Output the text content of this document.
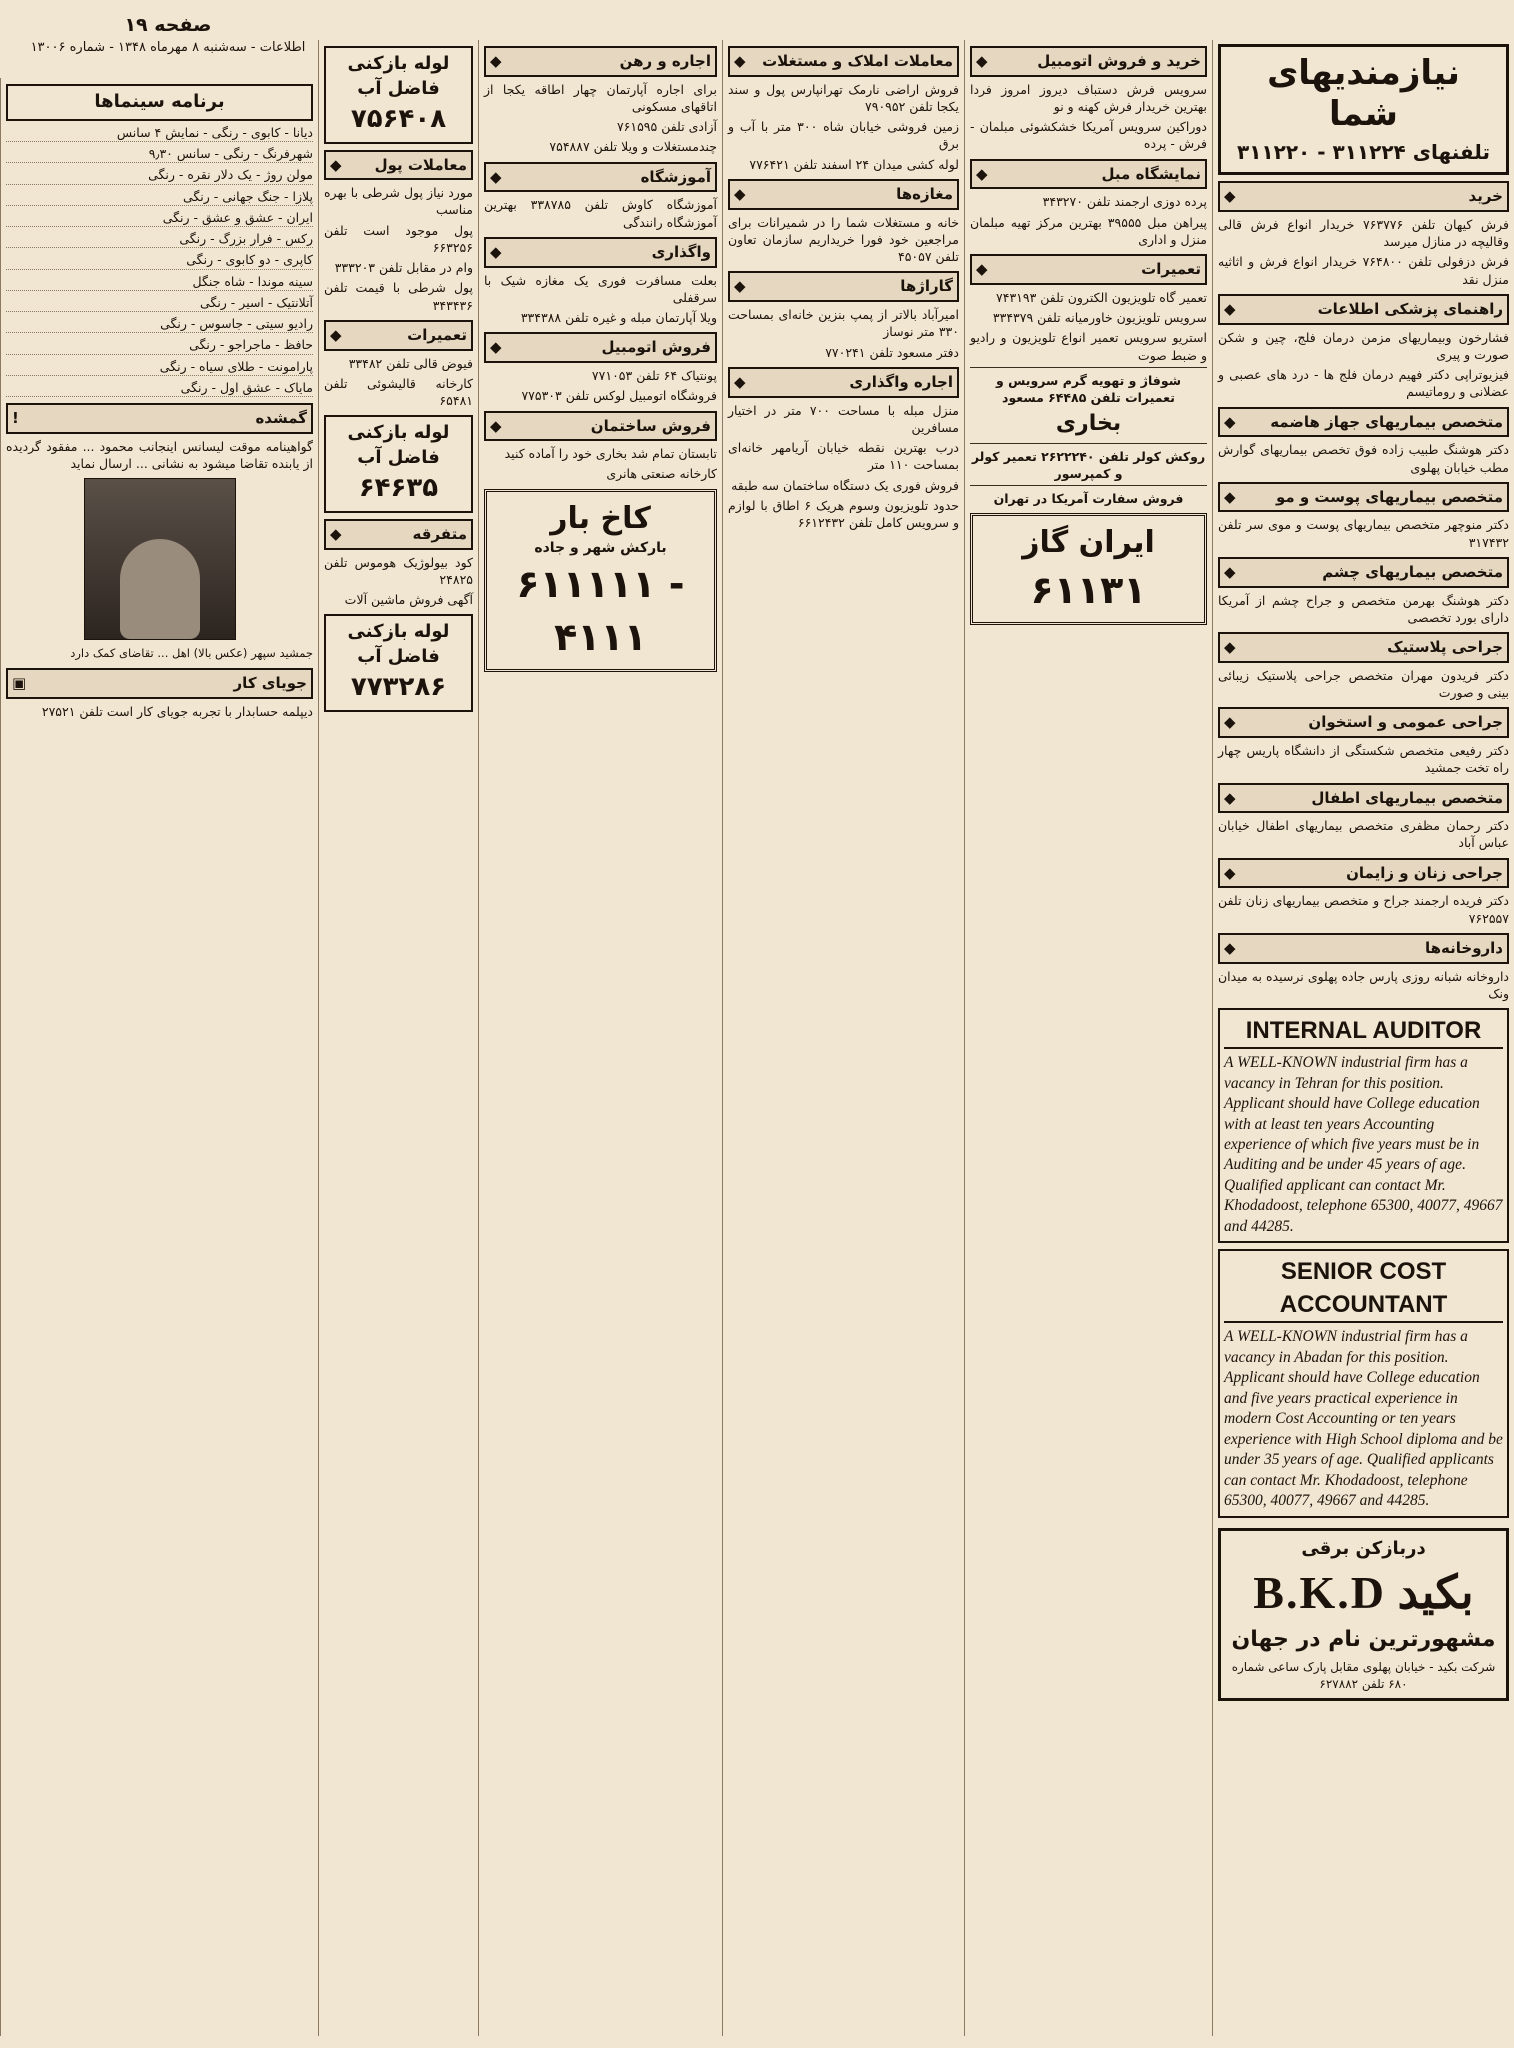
نیازمندیهای شما
تلفنهای ۳۱۱۲۲۴ - ۳۱۱۲۲۰
خرید
◆
فرش کیهان تلفن ۷۶۳۷۷۶ خریدار انواع فرش قالی وقالیچه در منازل میرسد
فرش دزفولی تلفن ۷۶۴۸۰۰ خریدار انواع فرش و اثاثیه منزل نقد
راهنمای پزشکی اطلاعات
◆
فشارخون وبیماریهای مزمن درمان فلج، چین و شکن صورت و پیری
فیزیوتراپی دکتر فهیم درمان فلج ها - درد های عصبی و عضلانی و روماتیسم
متخصص بیماریهای جهاز هاضمه
◆
دکتر هوشنگ طبیب زاده فوق تخصص بیماریهای گوارش مطب خیابان پهلوی
متخصص بیماریهای پوست و مو
◆
دکتر منوچهر متخصص بیماریهای پوست و موی سر تلفن ۳۱۷۴۳۲
متخصص بیماریهای چشم
◆
دکتر هوشنگ بهرمن متخصص و جراح چشم از آمریکا دارای بورد تخصصی
جراحی پلاستیک
◆
دکتر فریدون مهران متخصص جراحی پلاستیک زیبائی بینی و صورت
جراحی عمومی و استخوان
◆
دکتر رفیعی متخصص شکستگی از دانشگاه پاریس چهار راه تخت جمشید
متخصص بیماریهای اطفال
◆
دکتر رحمان مظفری متخصص بیماریهای اطفال خیابان عباس آباد
جراحی زنان و زایمان
◆
دکتر فریده ارجمند جراح و متخصص بیماریهای زنان تلفن ۷۶۲۵۵۷
داروخانه‌ها
◆
داروخانه شبانه روزی پارس جاده پهلوی نرسیده به میدان ونک
INTERNAL AUDITOR

A WELL-KNOWN industrial firm has a vacancy in Tehran for this position. Applicant should have College education with at least ten years Accounting experience of which five years must be in Auditing and be under 45 years of age. Qualified applicant can contact Mr. Khodadoost, telephone 65300, 40077, 49667 and 44285.

SENIOR COST ACCOUNTANT

A WELL-KNOWN industrial firm has a vacancy in Abadan for this position. Applicant should have College education and five years practical experience in modern Cost Accounting or ten years experience with High School diploma and be under 35 years of age. Qualified applicants can contact Mr. Khodadoost, telephone 65300, 40077, 49667 and 44285.

دربازکن برقی
بکید B.K.D
مشهورترین نام در جهان
شرکت بکید - خیابان پهلوی مقابل پارک ساعی شماره ۶۸۰ تلفن ۶۲۷۸۸۲
خرید و فروش اتومبیل
◆
سرویس فرش دستباف دیروز امروز فردا بهترین خریدار فرش کهنه و نو
دوراکین سرویس آمریکا خشکشوئی مبلمان - فرش - پرده
نمایشگاه مبل
◆
پرده دوزی ارجمند تلفن ۳۴۳۲۷۰
پیراهن مبل ۳۹۵۵۵ بهترین مرکز تهیه مبلمان منزل و اداری
تعمیرات
◆
تعمیر گاه تلویزیون الکترون تلفن ۷۴۳۱۹۳
سرویس تلویزیون خاورمیانه تلفن ۳۳۴۳۷۹
استریو سرویس تعمیر انواع تلویزیون و رادیو و ضبط صوت
شوفاژ و تهویه گرم سرویس و تعمیرات تلفن ۶۴۴۸۵ مسعود
بخاری
روکش کولر تلفن ۲۶۲۲۲۴۰ تعمیر کولر و کمپرسور
فروش سفارت آمریکا در تهران
ایران گاز
۶۱۱۳۱
معاملات املاک و مستغلات
◆
فروش اراضی نارمک تهرانپارس پول و سند یکجا تلفن ۷۹۰۹۵۲
زمین فروشی خیابان شاه ۳۰۰ متر با آب و برق
لوله کشی میدان ۲۴ اسفند تلفن ۷۷۶۴۲۱
مغازه‌ها
◆
خانه و مستغلات شما را در شمیرانات برای مراجعین خود فورا خریداریم سازمان تعاون تلفن ۴۵۰۵۷
گاراژها
◆
امیرآباد بالاتر از پمپ بنزین خانه‌ای بمساحت ۳۳۰ متر نوساز
دفتر مسعود تلفن ۷۷۰۲۴۱
اجاره واگذاری
◆
منزل مبله با مساحت ۷۰۰ متر در اختیار مسافرین
درب بهترین نقطه خیابان آریامهر خانه‌ای بمساحت ۱۱۰ متر
فروش فوری یک دستگاه ساختمان سه طبقه
حدود تلویزیون وسوم هریک ۶ اطاق با لوازم و سرویس کامل تلفن ۶۶۱۲۴۳۲
اجاره و رهن
◆
برای اجاره آپارتمان چهار اطاقه یکجا از اتاقهای مسکونی
آزادی تلفن ۷۶۱۵۹۵
چندمستغلات و ویلا تلفن ۷۵۴۸۸۷
آموزشگاه
◆
آموزشگاه کاوش تلفن ۳۳۸۷۸۵ بهترین آموزشگاه رانندگی
واگذاری
◆
بعلت مسافرت فوری یک مغازه شیک با سرقفلی
ویلا آپارتمان مبله و غیره تلفن ۳۳۴۳۸۸
فروش اتومبیل
◆
پونتیاک ۶۴ تلفن ۷۷۱۰۵۳
فروشگاه اتومبیل لوکس تلفن ۷۷۵۳۰۳
فروش ساختمان
◆
تابستان تمام شد بخاری خود را آماده کنید
کارخانه صنعتی هانری
کاخ بار
بارکش شهر و جاده
۶۱۱۱۱۱ - ۴۱۱۱
لوله بازکنی فاضل آب
۷۵۶۴۰۸
معاملات پول
◆
مورد نیاز پول شرطی با بهره مناسب
پول موجود است تلفن ۶۶۳۲۵۶
وام در مقابل تلفن ۳۳۳۲۰۳
پول شرطی با قیمت تلفن ۳۴۳۴۳۶
تعمیرات
◆
فیوض قالی تلفن ۳۳۴۸۲
کارخانه قالیشوئی تلفن ۶۵۴۸۱
لوله بازکنی فاضل آب
۶۴۶۳۵
متفرقه
◆
کود بیولوژیک هوموس تلفن ۲۴۸۲۵
آگهی فروش ماشین آلات
لوله بازکنی فاضل آب
۷۷۳۲۸۶
برنامه سینماها
دیانا - کابوی - رنگی - نمایش ۴ سانس
شهرفرنگ - رنگی - سانس ۹٫۳۰
مولن روژ - یک دلار نقره - رنگی
پلازا - جنگ جهانی - رنگی
ایران - عشق و عشق - رنگی
رکس - فرار بزرگ - رنگی
کاپری - دو کابوی - رنگی
سینه موندا - شاه جنگل
آتلانتیک - اسیر - رنگی
رادیو سیتی - جاسوس - رنگی
حافظ - ماجراجو - رنگی
پارامونت - طلای سیاه - رنگی
مایاک - عشق اول - رنگی
گمشده
!
گواهینامه موقت لیسانس اینجانب محمود ... مفقود گردیده از یابنده تقاضا میشود به نشانی ... ارسال نماید
جمشید سپهر (عکس بالا) اهل ... تقاضای کمک دارد
جویای کار
▣
دیپلمه حسابدار با تجربه جویای کار است تلفن ۲۷۵۲۱
صفحه ۱۹
اطلاعات - سه‌شنبه ۸ مهرماه ۱۳۴۸ - شماره ۱۳۰۰۶
